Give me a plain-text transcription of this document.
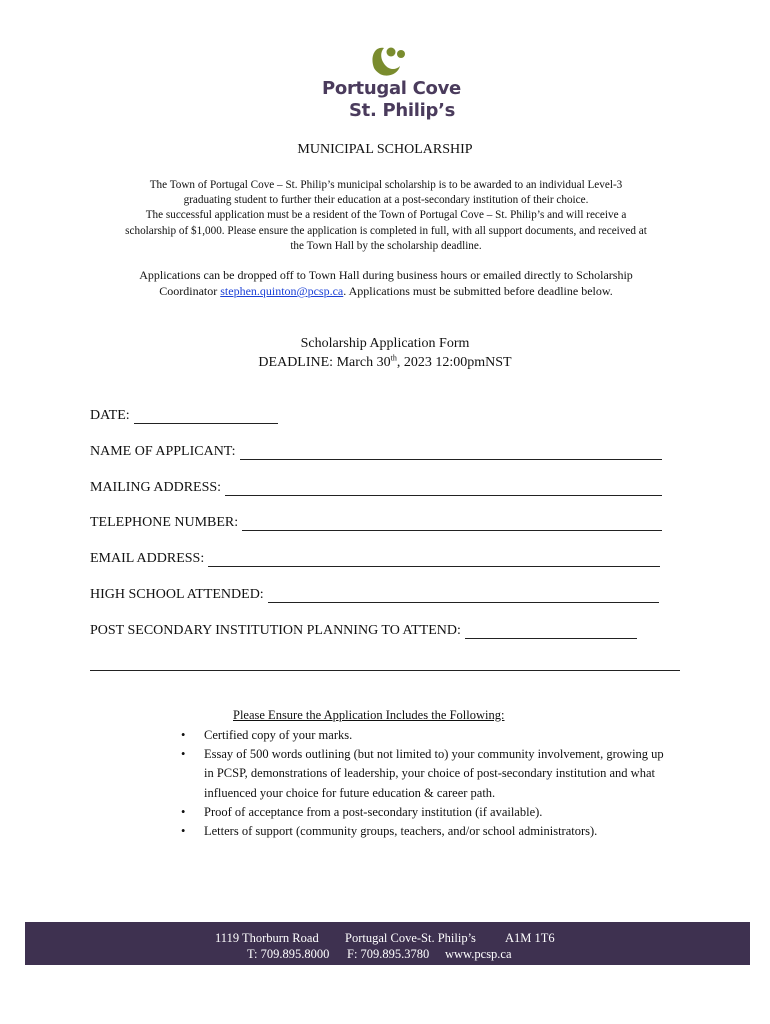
Portugal Cove
St. Philip’s
MUNICIPAL SCHOLARSHIP
The Town of Portugal Cove – St. Philip’s municipal scholarship is to be awarded to an individual Level-3
graduating student to further their education at a post-secondary institution of their choice.
The successful application must be a resident of the Town of Portugal Cove – St. Philip’s and will receive a
scholarship of $1,000. Please ensure the application is completed in full, with all support documents, and received at
the Town Hall by the scholarship deadline.
Applications can be dropped off to Town Hall during business hours or emailed directly to Scholarship
Coordinator stephen.quinton@pcsp.ca. Applications must be submitted before deadline below.
Scholarship Application Form
DEADLINE: March 30th, 2023 12:00pmNST
DATE:
NAME OF APPLICANT:
MAILING ADDRESS:
TELEPHONE NUMBER:
EMAIL ADDRESS:
HIGH SCHOOL ATTENDED:
POST SECONDARY INSTITUTION PLANNING TO ATTEND:
Please Ensure the Application Includes the Following:
• Certified copy of your marks.
• Essay of 500 words outlining (but not limited to) your community involvement, growing up in PCSP, demonstrations of leadership, your choice of post-secondary institution and what influenced your choice for future education & career path.
• Proof of acceptance from a post-secondary institution (if available).
• Letters of support (community groups, teachers, and/or school administrators).
1119 Thorburn Road Portugal Cove-St. Philip’s A1M 1T6
T: 709.895.8000 F: 709.895.3780 www.pcsp.ca
